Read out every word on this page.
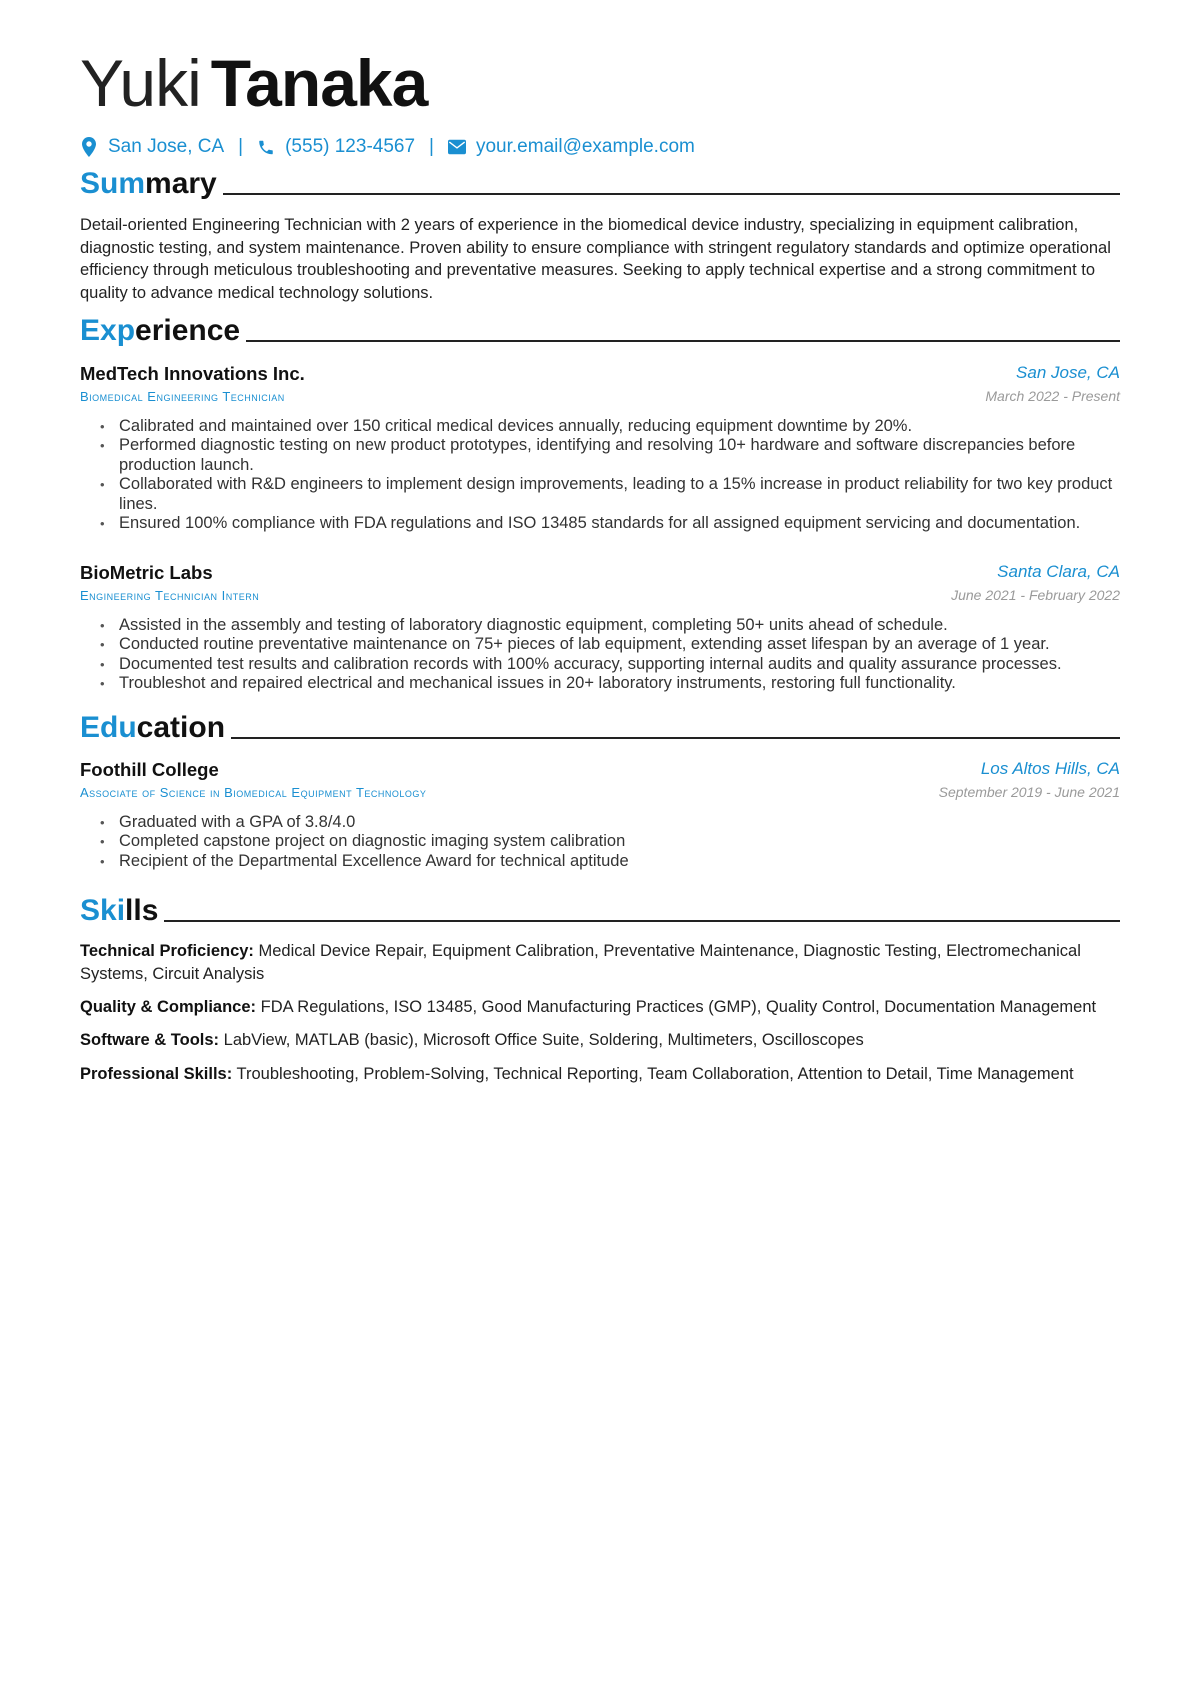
Yuki Tanaka
San Jose, CA | (555) 123-4567 | your.email@example.com
Summary
Detail-oriented Engineering Technician with 2 years of experience in the biomedical device industry, specializing in equipment calibration, diagnostic testing, and system maintenance. Proven ability to ensure compliance with stringent regulatory standards and optimize operational efficiency through meticulous troubleshooting and preventative measures. Seeking to apply technical expertise and a strong commitment to quality to advance medical technology solutions.
Experience
MedTech Innovations Inc.	San Jose, CA
Biomedical Engineering Technician	March 2022 - Present
• Calibrated and maintained over 150 critical medical devices annually, reducing equipment downtime by 20%.
• Performed diagnostic testing on new product prototypes, identifying and resolving 10+ hardware and software discrepancies before production launch.
• Collaborated with R&D engineers to implement design improvements, leading to a 15% increase in product reliability for two key product lines.
• Ensured 100% compliance with FDA regulations and ISO 13485 standards for all assigned equipment servicing and documentation.
BioMetric Labs	Santa Clara, CA
Engineering Technician Intern	June 2021 - February 2022
• Assisted in the assembly and testing of laboratory diagnostic equipment, completing 50+ units ahead of schedule.
• Conducted routine preventative maintenance on 75+ pieces of lab equipment, extending asset lifespan by an average of 1 year.
• Documented test results and calibration records with 100% accuracy, supporting internal audits and quality assurance processes.
• Troubleshot and repaired electrical and mechanical issues in 20+ laboratory instruments, restoring full functionality.
Education
Foothill College	Los Altos Hills, CA
Associate of Science in Biomedical Equipment Technology	September 2019 - June 2021
• Graduated with a GPA of 3.8/4.0
• Completed capstone project on diagnostic imaging system calibration
• Recipient of the Departmental Excellence Award for technical aptitude
Skills
Technical Proficiency: Medical Device Repair, Equipment Calibration, Preventative Maintenance, Diagnostic Testing, Electromechanical Systems, Circuit Analysis
Quality & Compliance: FDA Regulations, ISO 13485, Good Manufacturing Practices (GMP), Quality Control, Documentation Management
Software & Tools: LabView, MATLAB (basic), Microsoft Office Suite, Soldering, Multimeters, Oscilloscopes
Professional Skills: Troubleshooting, Problem-Solving, Technical Reporting, Team Collaboration, Attention to Detail, Time Management
